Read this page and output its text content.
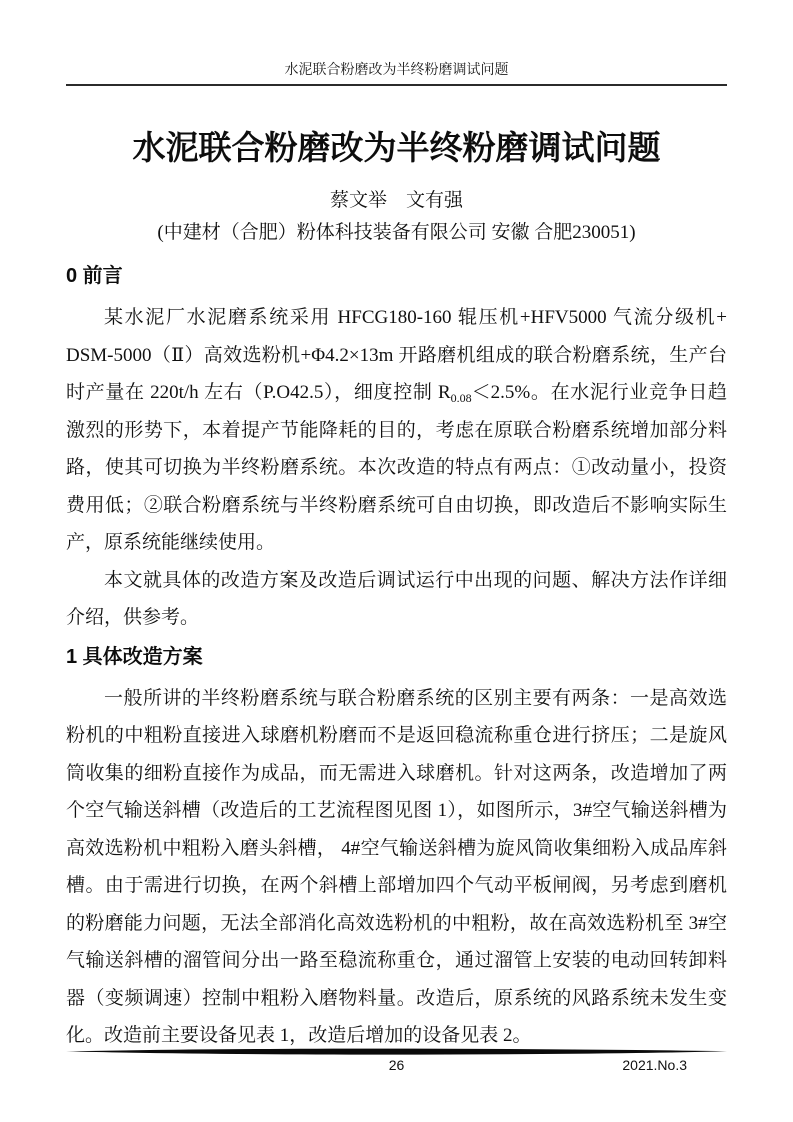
水泥联合粉磨改为半终粉磨调试问题
水泥联合粉磨改为半终粉磨调试问题
蔡文举　文有强
(中建材（合肥）粉体科技装备有限公司 安徽 合肥230051)
0 前言

某水泥厂水泥磨系统采用 HFCG180-160 辊压机+HFV5000 气流分级机+ DSM-5000（Ⅱ）高效选粉机+Φ4.2×13m 开路磨机组成的联合粉磨系统，生产台时产量在 220t/h 左右（P.O42.5），细度控制 $R_{0.08}<2.5\%$。在水泥行业竞争日趋激烈的形势下，本着提产节能降耗的目的，考虑在原联合粉磨系统增加部分料路，使其可切换为半终粉磨系统。本次改造的特点有两点：①改动量小，投资费用低；②联合粉磨系统与半终粉磨系统可自由切换，即改造后不影响实际生产，原系统能继续使用。

本文就具体的改造方案及改造后调试运行中出现的问题、解决方法作详细介绍，供参考。

1 具体改造方案

一般所讲的半终粉磨系统与联合粉磨系统的区别主要有两条：一是高效选粉机的中粗粉直接进入球磨机粉磨而不是返回稳流称重仓进行挤压；二是旋风筒收集的细粉直接作为成品，而无需进入球磨机。针对这两条，改造增加了两个空气输送斜槽（改造后的工艺流程图见图 1），如图所示，3#空气输送斜槽为高效选粉机中粗粉入磨头斜槽， 4#空气输送斜槽为旋风筒收集细粉入成品库斜槽。由于需进行切换，在两个斜槽上部增加四个气动平板闸阀，另考虑到磨机的粉磨能力问题，无法全部消化高效选粉机的中粗粉，故在高效选粉机至 3#空气输送斜槽的溜管间分出一路至稳流称重仓，通过溜管上安装的电动回转卸料器（变频调速）控制中粗粉入磨物料量。改造后，原系统的风路系统未发生变化。改造前主要设备见表 1，改造后增加的设备见表 2。

26	2021.No.3
